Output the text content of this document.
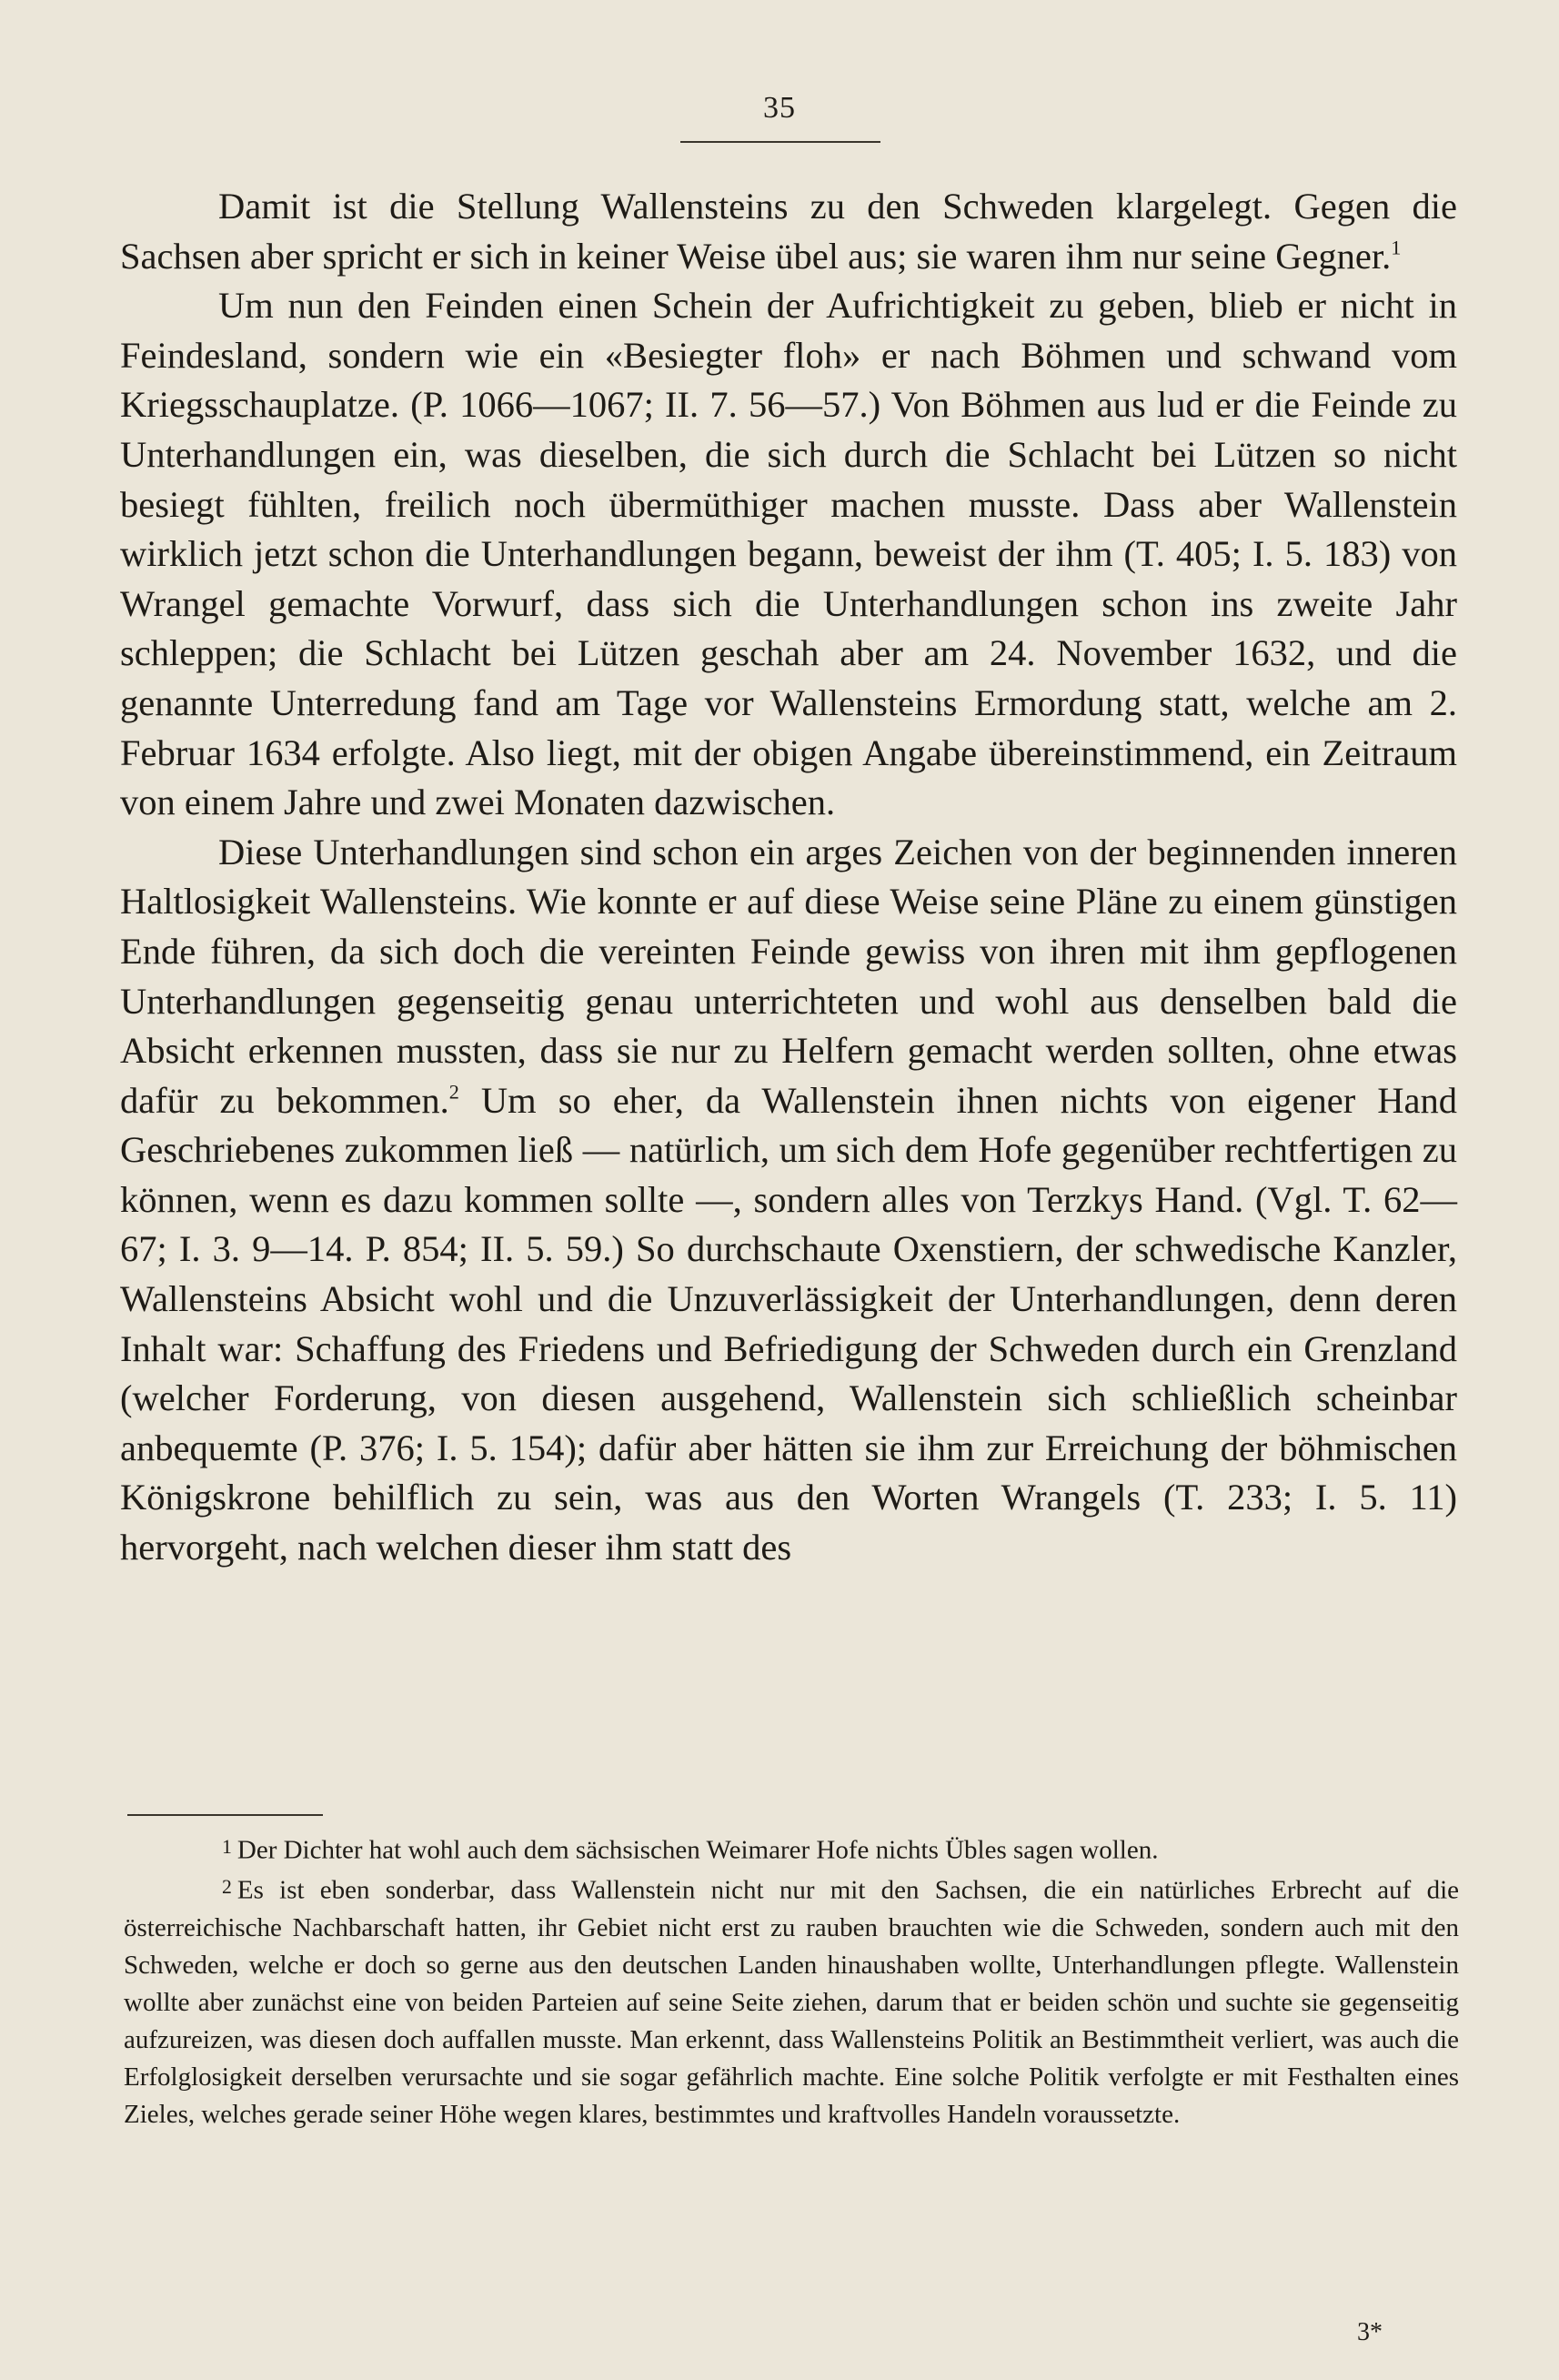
35

Damit ist die Stellung Wallensteins zu den Schweden klargelegt. Gegen die Sachsen aber spricht er sich in keiner Weise übel aus; sie waren ihm nur seine Gegner.$^1$

Um nun den Feinden einen Schein der Aufrichtigkeit zu geben, blieb er nicht in Feindesland, sondern wie ein «Besiegter floh» er nach Böhmen und schwand vom Kriegsschauplatze. (P. 1066—1067; II. 7. 56—57.) Von Böhmen aus lud er die Feinde zu Unterhandlungen ein, was dieselben, die sich durch die Schlacht bei Lützen so nicht besiegt fühlten, freilich noch übermüthiger machen musste. Dass aber Wallenstein wirklich jetzt schon die Unterhandlungen begann, beweist der ihm (T. 405; I. 5. 183) von Wrangel gemachte Vorwurf, dass sich die Unterhandlungen schon ins zweite Jahr schleppen; die Schlacht bei Lützen geschah aber am 24. November 1632, und die genannte Unterredung fand am Tage vor Wallensteins Ermordung statt, welche am 2. Februar 1634 erfolgte. Also liegt, mit der obigen Angabe übereinstimmend, ein Zeitraum von einem Jahre und zwei Monaten dazwischen.

Diese Unterhandlungen sind schon ein arges Zeichen von der beginnenden inneren Haltlosigkeit Wallensteins. Wie konnte er auf diese Weise seine Pläne zu einem günstigen Ende führen, da sich doch die vereinten Feinde gewiss von ihren mit ihm gepflogenen Unterhandlungen gegenseitig genau unterrichteten und wohl aus denselben bald die Absicht erkennen mussten, dass sie nur zu Helfern gemacht werden sollten, ohne etwas dafür zu bekommen.$^2$ Um so eher, da Wallenstein ihnen nichts von eigener Hand Geschriebenes zukommen ließ — natürlich, um sich dem Hofe gegenüber rechtfertigen zu können, wenn es dazu kommen sollte —, sondern alles von Terzkys Hand. (Vgl. T. 62—67; I. 3. 9—14. P. 854; II. 5. 59.) So durchschaute Oxenstiern, der schwedische Kanzler, Wallensteins Absicht wohl und die Unzuverlässigkeit der Unterhandlungen, denn deren Inhalt war: Schaffung des Friedens und Befriedigung der Schweden durch ein Grenzland (welcher Forderung, von diesen ausgehend, Wallenstein sich schließlich scheinbar anbequemte (P. 376; I. 5. 154); dafür aber hätten sie ihm zur Erreichung der böhmischen Königskrone behilflich zu sein, was aus den Worten Wrangels (T. 233; I. 5. 11) hervorgeht, nach welchen dieser ihm statt des

1 Der Dichter hat wohl auch dem sächsischen Weimarer Hofe nichts Übles sagen wollen.

2 Es ist eben sonderbar, dass Wallenstein nicht nur mit den Sachsen, die ein natürliches Erbrecht auf die österreichische Nachbarschaft hatten, ihr Gebiet nicht erst zu rauben brauchten wie die Schweden, sondern auch mit den Schweden, welche er doch so gerne aus den deutschen Landen hinaushaben wollte, Unterhandlungen pflegte. Wallenstein wollte aber zunächst eine von beiden Parteien auf seine Seite ziehen, darum that er beiden schön und suchte sie gegenseitig aufzureizen, was diesen doch auffallen musste. Man erkennt, dass Wallensteins Politik an Bestimmtheit verliert, was auch die Erfolglosigkeit derselben verursachte und sie sogar gefährlich machte. Eine solche Politik verfolgte er mit Festhalten eines Zieles, welches gerade seiner Höhe wegen klares, bestimmtes und kraftvolles Handeln voraussetzte.

3*
